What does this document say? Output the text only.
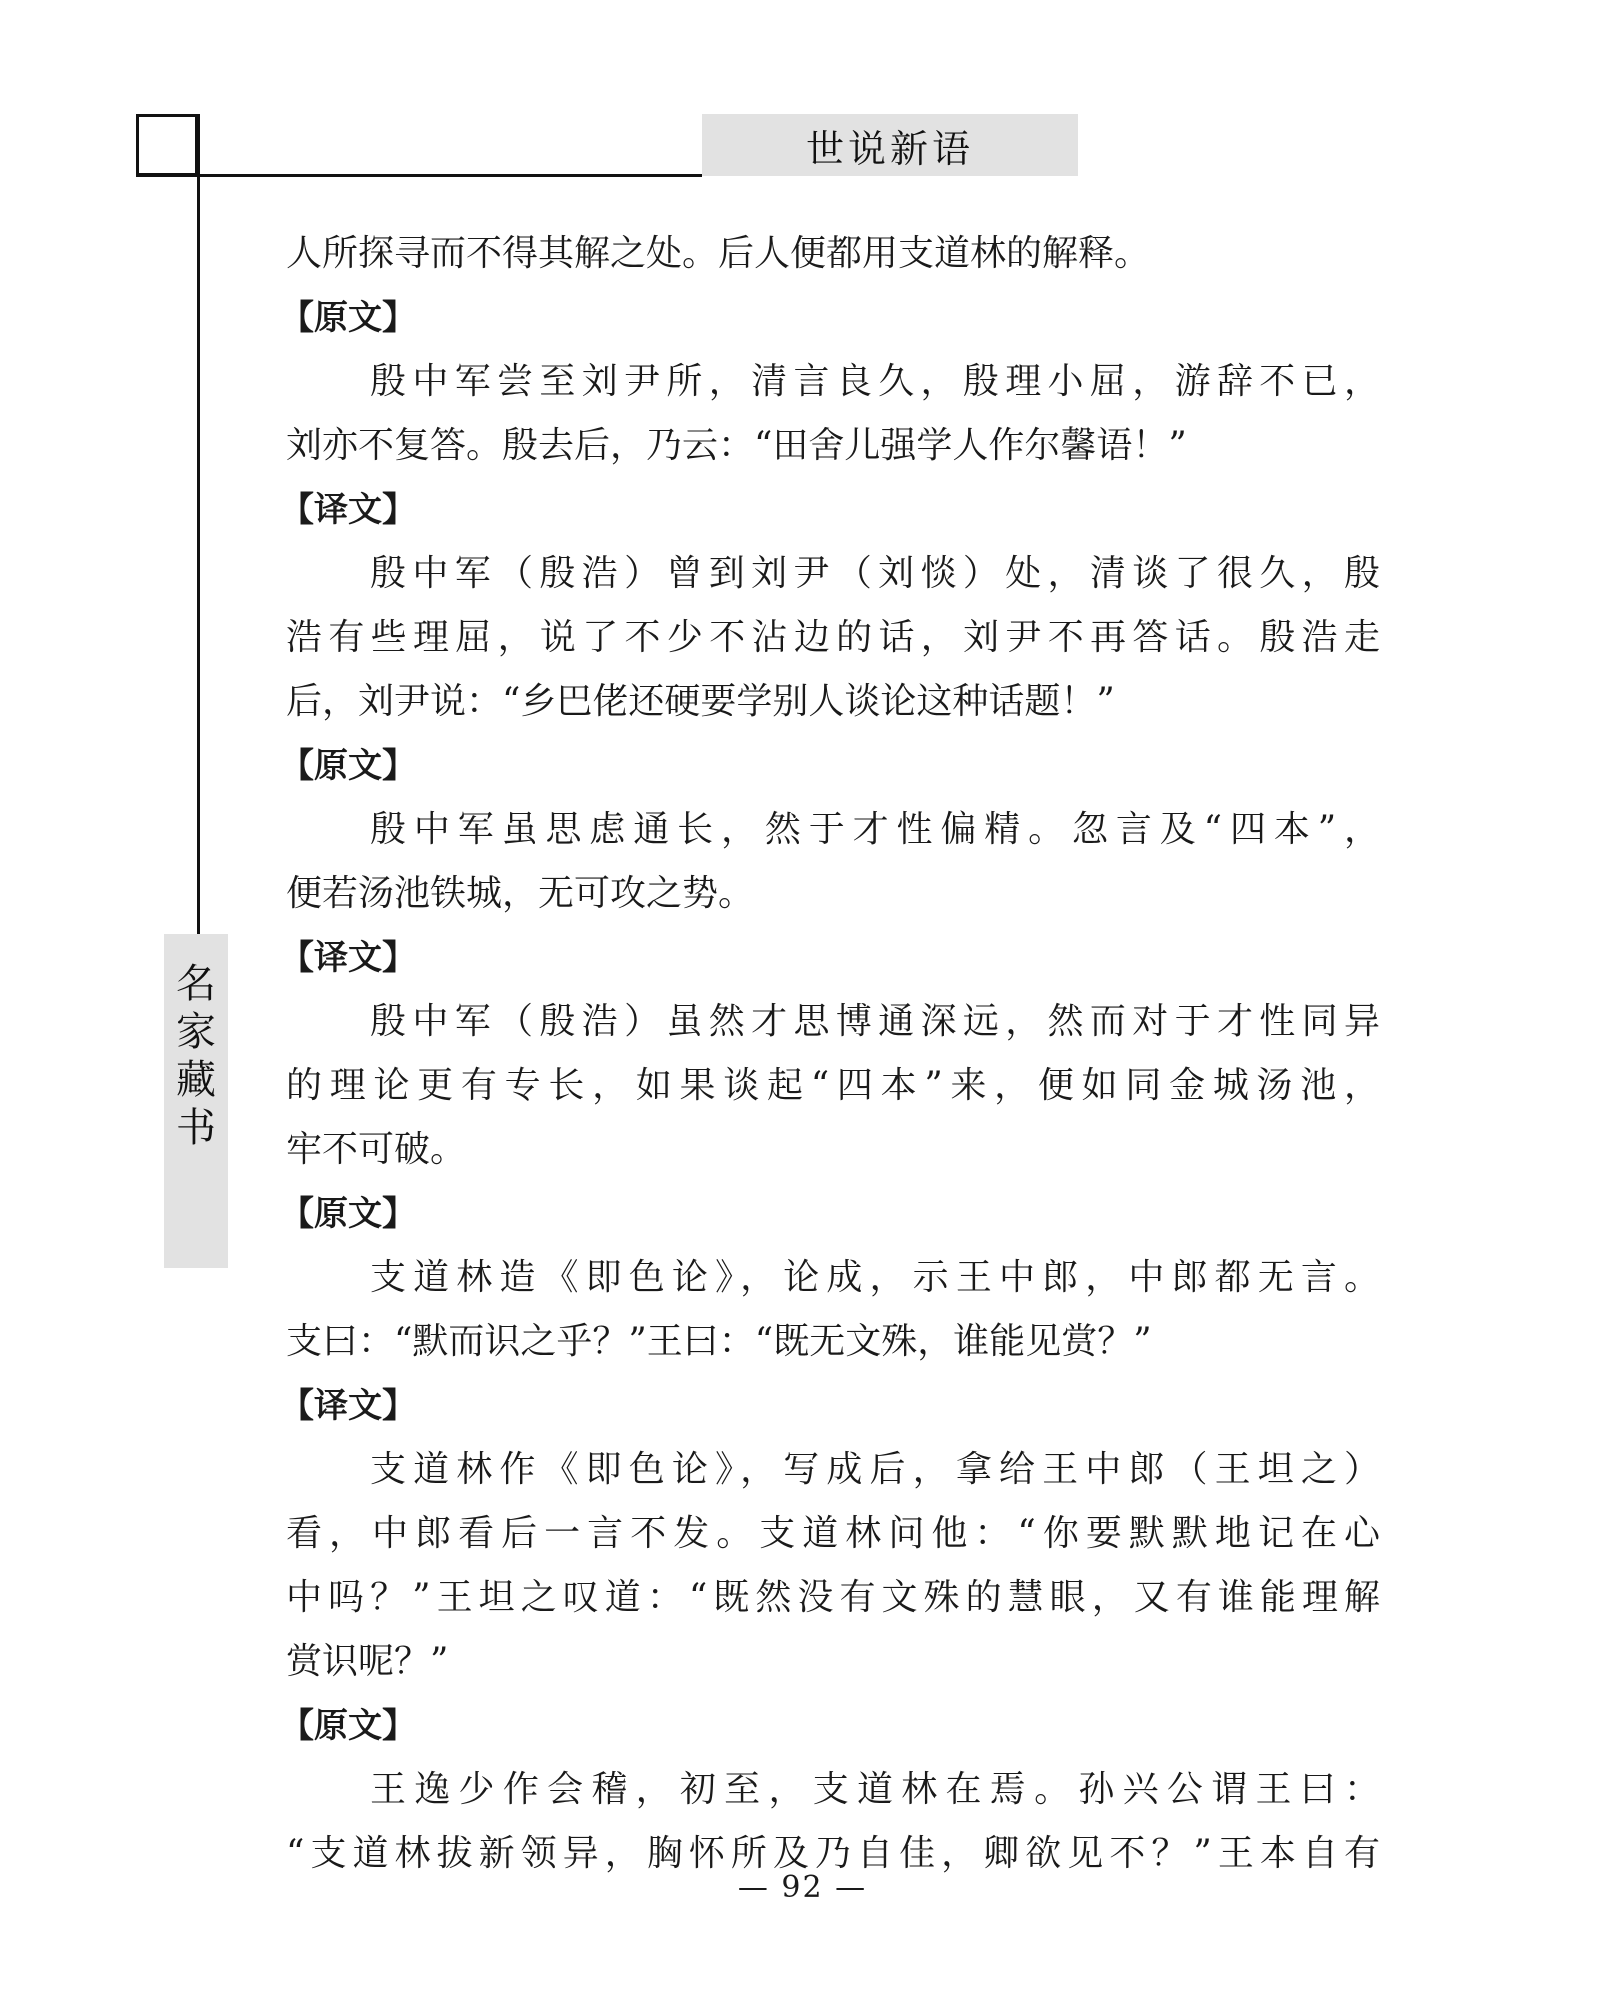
世说新语
名
家
藏
书
人所探寻而不得其解之处。后人便都用支道林的解释。
【原文】
殷中军尝至刘尹所，清言良久，殷理小屈，游辞不已，
刘亦不复答。殷去后，乃云：“田舍儿强学人作尔馨语！”
【译文】
殷中军（殷浩）曾到刘尹（刘惔）处，清谈了很久，殷
浩有些理屈，说了不少不沾边的话，刘尹不再答话。殷浩走
后，刘尹说：“乡巴佬还硬要学别人谈论这种话题！”
【原文】
殷中军虽思虑通长，然于才性偏精。忽言及“四本”，
便若汤池铁城，无可攻之势。
【译文】
殷中军（殷浩）虽然才思博通深远，然而对于才性同异
的理论更有专长，如果谈起“四本”来，便如同金城汤池，
牢不可破。
【原文】
支道林造《即色论》，论成，示王中郎，中郎都无言。
支曰：“默而识之乎？”王曰：“既无文殊，谁能见赏？”
【译文】
支道林作《即色论》，写成后，拿给王中郎（王坦之）
看，中郎看后一言不发。支道林问他：“你要默默地记在心
中吗？”王坦之叹道：“既然没有文殊的慧眼，又有谁能理解
赏识呢？”
【原文】
王逸少作会稽，初至，支道林在焉。孙兴公谓王曰：
“支道林拔新领异，胸怀所及乃自佳，卿欲见不？”王本自有
— 92 —
